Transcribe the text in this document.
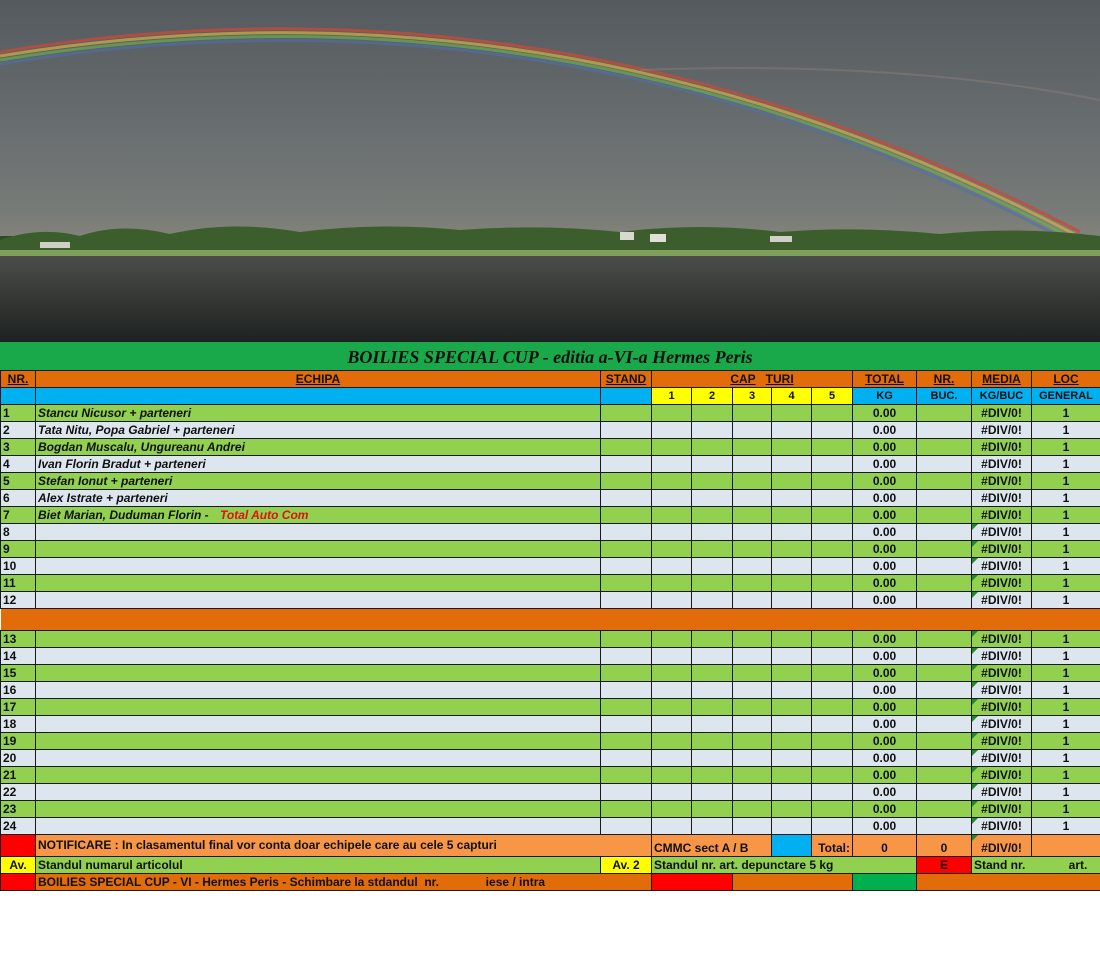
BOILIES SPECIAL CUP - editia a-VI-a Hermes Peris
NR.	ECHIPA	STAND	CAP TURI					TOTAL	NR.	MEDIA	LOC
			1	2	3	4	5	KG	BUC.	KG/BUC	GENERAL
1	Stancu Nicusor + parteneri							0.00		#DIV/0!	1
2	Tata Nitu, Popa Gabriel + parteneri							0.00		#DIV/0!	1
3	Bogdan Muscalu, Ungureanu Andrei							0.00		#DIV/0!	1
4	Ivan Florin Bradut + parteneri							0.00		#DIV/0!	1
5	Stefan Ionut + parteneri							0.00		#DIV/0!	1
6	Alex Istrate + parteneri							0.00		#DIV/0!	1
7	Biet Marian, Duduman Florin - Total Auto Com							0.00		#DIV/0!	1
8								0.00		#DIV/0!	1
9								0.00		#DIV/0!	1
10								0.00		#DIV/0!	1
11								0.00		#DIV/0!	1
12								0.00		#DIV/0!	1

13								0.00		#DIV/0!	1
14								0.00		#DIV/0!	1
15								0.00		#DIV/0!	1
16								0.00		#DIV/0!	1
17								0.00		#DIV/0!	1
18								0.00		#DIV/0!	1
19								0.00		#DIV/0!	1
20								0.00		#DIV/0!	1
21								0.00		#DIV/0!	1
22								0.00		#DIV/0!	1
23								0.00		#DIV/0!	1
24								0.00		#DIV/0!	1
	NOTIFICARE : In clasamentul final vor conta doar echipele care au cele 5 capturi		CMMC sect A / B				Total:	0	0	#DIV/0!	
Av.	Standul numarul articolul	Av. 2	Standul nr. art. depunctare 5 kg						E	Stand nr.             art.	
	BOILIES SPECIAL CUP - VI - Hermes Peris - Schimbare la stdandul  nr.              iese / intra										
